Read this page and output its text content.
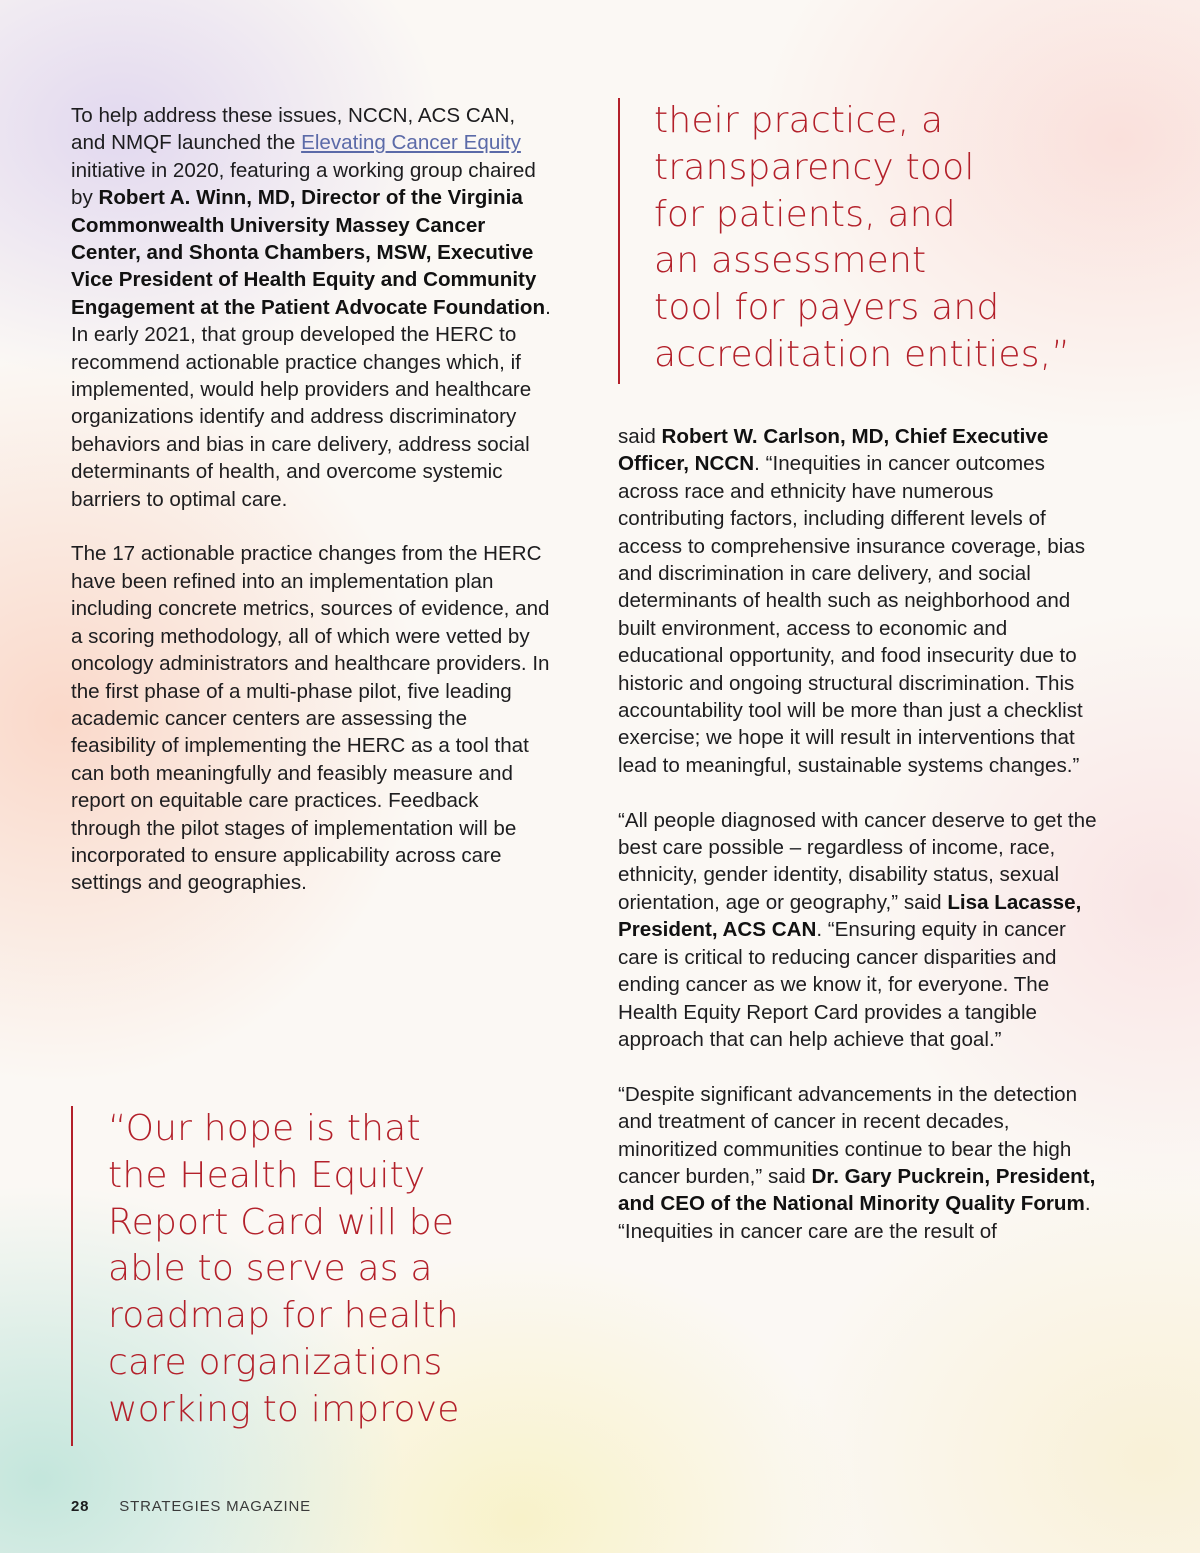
To help address these issues, NCCN, ACS CAN, and NMQF launched the Elevating Cancer Equity initiative in 2020, featuring a working group chaired by Robert A. Winn, MD, Director of the Virginia Commonwealth University Massey Cancer Center, and Shonta Chambers, MSW, Executive Vice President of Health Equity and Community Engagement at the Patient Advocate Foundation. In early 2021, that group developed the HERC to recommend actionable practice changes which, if implemented, would help providers and healthcare organizations identify and address discriminatory behaviors and bias in care delivery, address social determinants of health, and overcome systemic barriers to optimal care.

The 17 actionable practice changes from the HERC have been refined into an implementation plan including concrete metrics, sources of evidence, and a scoring methodology, all of which were vetted by oncology administrators and healthcare providers. In the first phase of a multi-phase pilot, five leading academic cancer centers are assessing the feasibility of implementing the HERC as a tool that can both meaningfully and feasibly measure and report on equitable care practices. Feedback through the pilot stages of implementation will be incorporated to ensure applicability across care settings and geographies.

their practice, a
transparency tool
for patients, and
an assessment
tool for payers and
accreditation entities,”

said Robert W. Carlson, MD, Chief Executive Officer, NCCN. “Inequities in cancer outcomes across race and ethnicity have numerous contributing factors, including different levels of access to comprehensive insurance coverage, bias and discrimination in care delivery, and social determinants of health such as neighborhood and built environment, access to economic and educational opportunity, and food insecurity due to historic and ongoing structural discrimination. This accountability tool will be more than just a checklist exercise; we hope it will result in interventions that lead to meaningful, sustainable systems changes.”

“All people diagnosed with cancer deserve to get the best care possible – regardless of income, race, ethnicity, gender identity, disability status, sexual orientation, age or geography,” said Lisa Lacasse, President, ACS CAN. “Ensuring equity in cancer care is critical to reducing cancer disparities and ending cancer as we know it, for everyone. The Health Equity Report Card provides a tangible approach that can help achieve that goal.”

“Despite significant advancements in the detection and treatment of cancer in recent decades, minoritized communities continue to bear the high cancer burden,” said Dr. Gary Puckrein, President, and CEO of the National Minority Quality Forum. “Inequities in cancer care are the result of

“Our hope is that
the Health Equity
Report Card will be
able to serve as a
roadmap for health
care organizations
working to improve
28 STRATEGIES MAGAZINE
